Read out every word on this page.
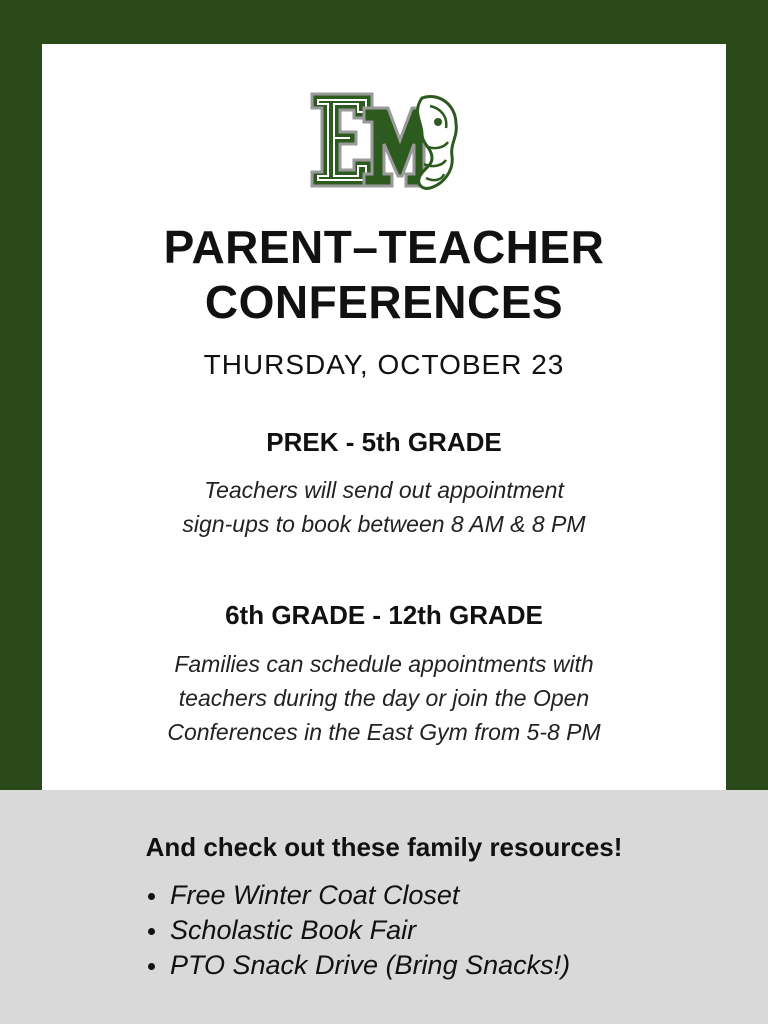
PARENT–TEACHER
CONFERENCES
THURSDAY, OCTOBER 23
PREK - 5th GRADE
Teachers will send out appointment
sign-ups to book between 8 AM & 8 PM
6th GRADE - 12th GRADE
Families can schedule appointments with
teachers during the day or join the Open
Conferences in the East Gym from 5-8 PM
And check out these family resources!
Free Winter Coat Closet
Scholastic Book Fair
PTO Snack Drive (Bring Snacks!)
